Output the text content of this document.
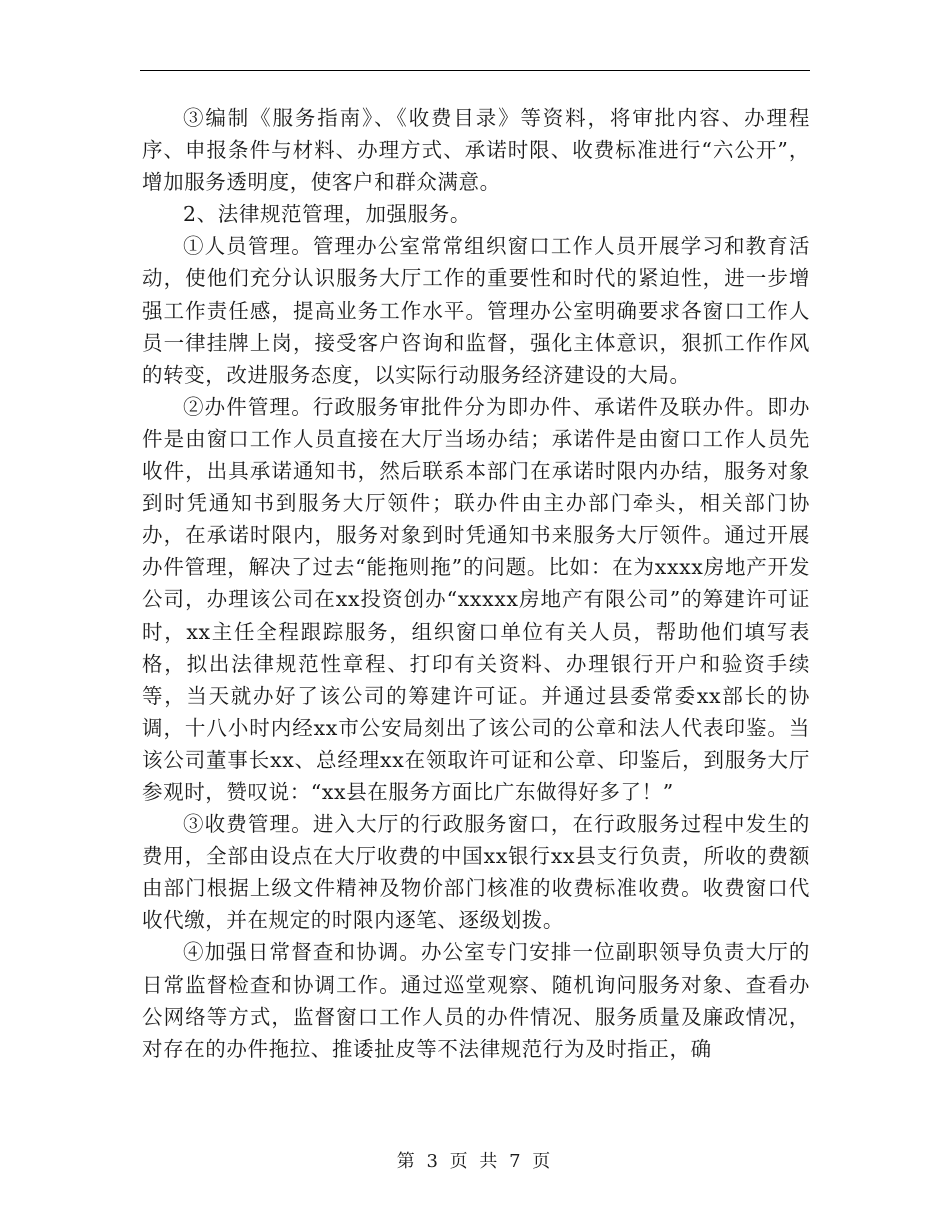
③编制《服务指南》、《收费目录》等资料，将审批内容、办理程序、申报条件与材料、办理方式、承诺时限、收费标准进行“六公开”，增加服务透明度，使客户和群众满意。

2、法律规范管理，加强服务。

①人员管理。管理办公室常常组织窗口工作人员开展学习和教育活动，使他们充分认识服务大厅工作的重要性和时代的紧迫性，进一步增强工作责任感，提高业务工作水平。管理办公室明确要求各窗口工作人员一律挂牌上岗，接受客户咨询和监督，强化主体意识，狠抓工作作风的转变，改进服务态度，以实际行动服务经济建设的大局。

②办件管理。行政服务审批件分为即办件、承诺件及联办件。即办件是由窗口工作人员直接在大厅当场办结；承诺件是由窗口工作人员先收件，出具承诺通知书，然后联系本部门在承诺时限内办结，服务对象到时凭通知书到服务大厅领件；联办件由主办部门牵头，相关部门协办，在承诺时限内，服务对象到时凭通知书来服务大厅领件。通过开展办件管理，解决了过去“能拖则拖”的问题。比如：在为xxxx房地产开发公司，办理该公司在xx投资创办“xxxxx房地产有限公司”的筹建许可证时，xx主任全程跟踪服务，组织窗口单位有关人员，帮助他们填写表格，拟出法律规范性章程、打印有关资料、办理银行开户和验资手续等，当天就办好了该公司的筹建许可证。并通过县委常委xx部长的协调，十八小时内经xx市公安局刻出了该公司的公章和法人代表印鉴。当该公司董事长xx、总经理xx在领取许可证和公章、印鉴后，到服务大厅参观时，赞叹说：“xx县在服务方面比广东做得好多了！”

③收费管理。进入大厅的行政服务窗口，在行政服务过程中发生的费用，全部由设点在大厅收费的中国xx银行xx县支行负责，所收的费额由部门根据上级文件精神及物价部门核准的收费标准收费。收费窗口代收代缴，并在规定的时限内逐笔、逐级划拨。

④加强日常督查和协调。办公室专门安排一位副职领导负责大厅的日常监督检查和协调工作。通过巡堂观察、随机询问服务对象、查看办公网络等方式，监督窗口工作人员的办件情况、服务质量及廉政情况，对存在的办件拖拉、推诿扯皮等不法律规范行为及时指正，确

第 3 页 共 7 页
